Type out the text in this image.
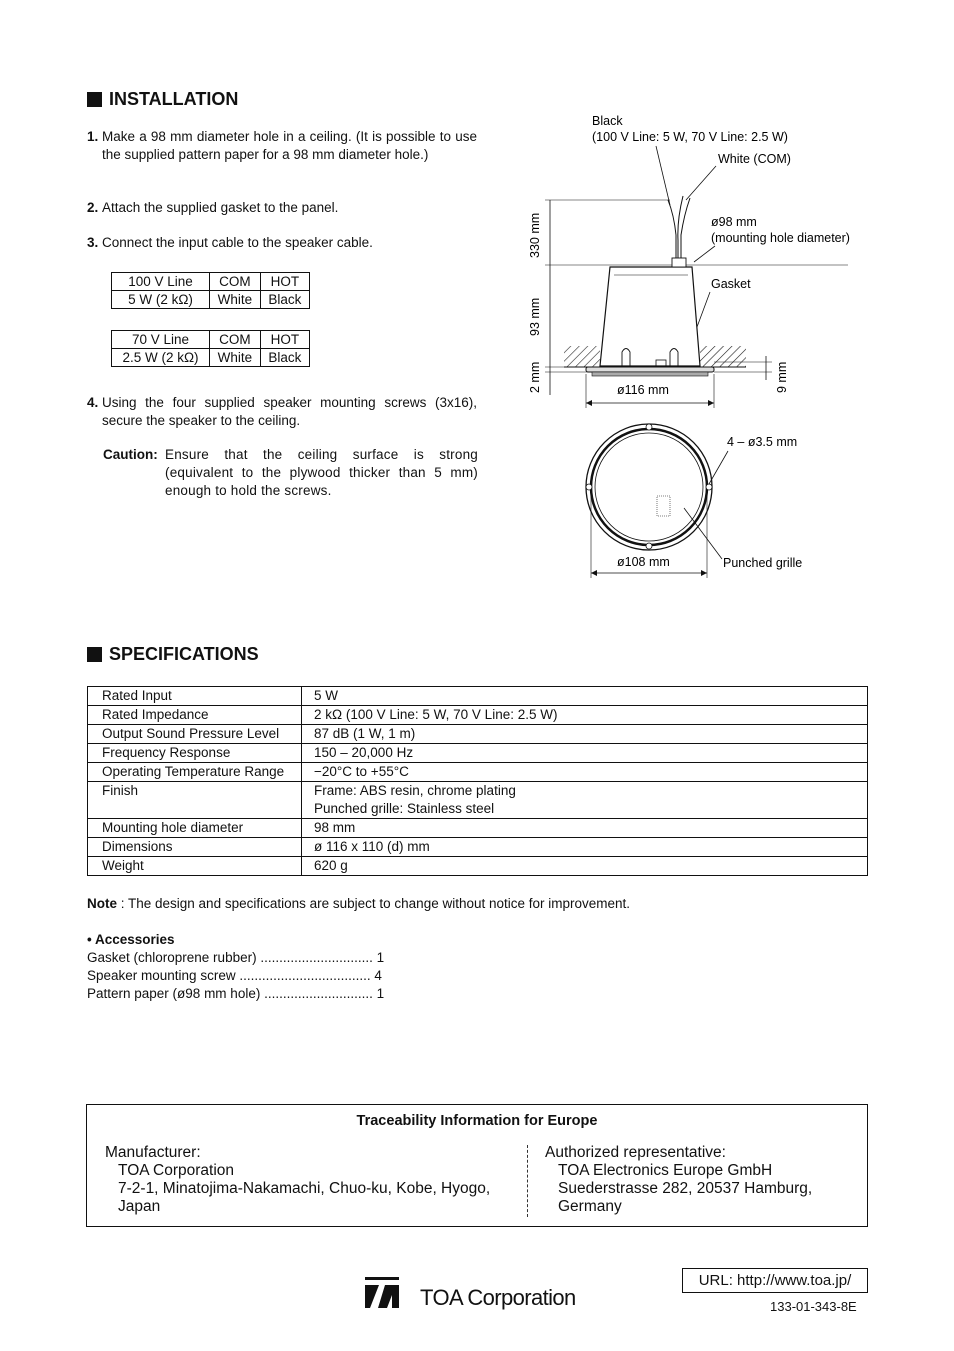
INSTALLATION
1. Make a 98 mm diameter hole in a ceiling. (It is possible to use the supplied pattern paper for a 98 mm diameter hole.)
2. Attach the supplied gasket to the panel.
3. Connect the input cable to the speaker cable.
100 V Line	COM	HOT
5 W (2 kΩ)	White	Black
70 V Line	COM	HOT
2.5 W (2 kΩ)	White	Black
4. Using the four supplied speaker mounting screws (3x16), secure the speaker to the ceiling.
Caution: Ensure that the ceiling surface is strong (equivalent to the plywood thicker than 5 mm) enough to hold the screws.
Black
(100 V Line: 5 W, 70 V Line: 2.5 W)
White (COM)
ø98 mm
(mounting hole diameter)
Gasket
330 mm
93 mm
2 mm	9 mm
ø116 mm
4 – ø3.5 mm
Punched grille
ø108 mm
SPECIFICATIONS
Rated Input	5 W
Rated Impedance	2 kΩ (100 V Line: 5 W, 70 V Line: 2.5 W)
Output Sound Pressure Level	87 dB (1 W, 1 m)
Frequency Response	150 – 20,000 Hz
Operating Temperature Range	−20°C to +55°C
Finish	Frame: ABS resin, chrome plating
Punched grille: Stainless steel

Mounting hole diameter	98 mm
Dimensions	ø 116 x 110 (d) mm
Weight	620 g
Note : The design and specifications are subject to change without notice for improvement.
• Accessories
Gasket (chloroprene rubber) .............................. 1
Speaker mounting screw ................................... 4
Pattern paper (ø98 mm hole) ............................. 1
Traceability Information for Europe
Manufacturer:
TOA Corporation
7-2-1, Minatojima-Nakamachi, Chuo-ku, Kobe, Hyogo,
Japan
Authorized representative:
TOA Electronics Europe GmbH
Suederstrasse 282, 20537 Hamburg,
Germany
TOA Corporation
URL: http://www.toa.jp/
133-01-343-8E
